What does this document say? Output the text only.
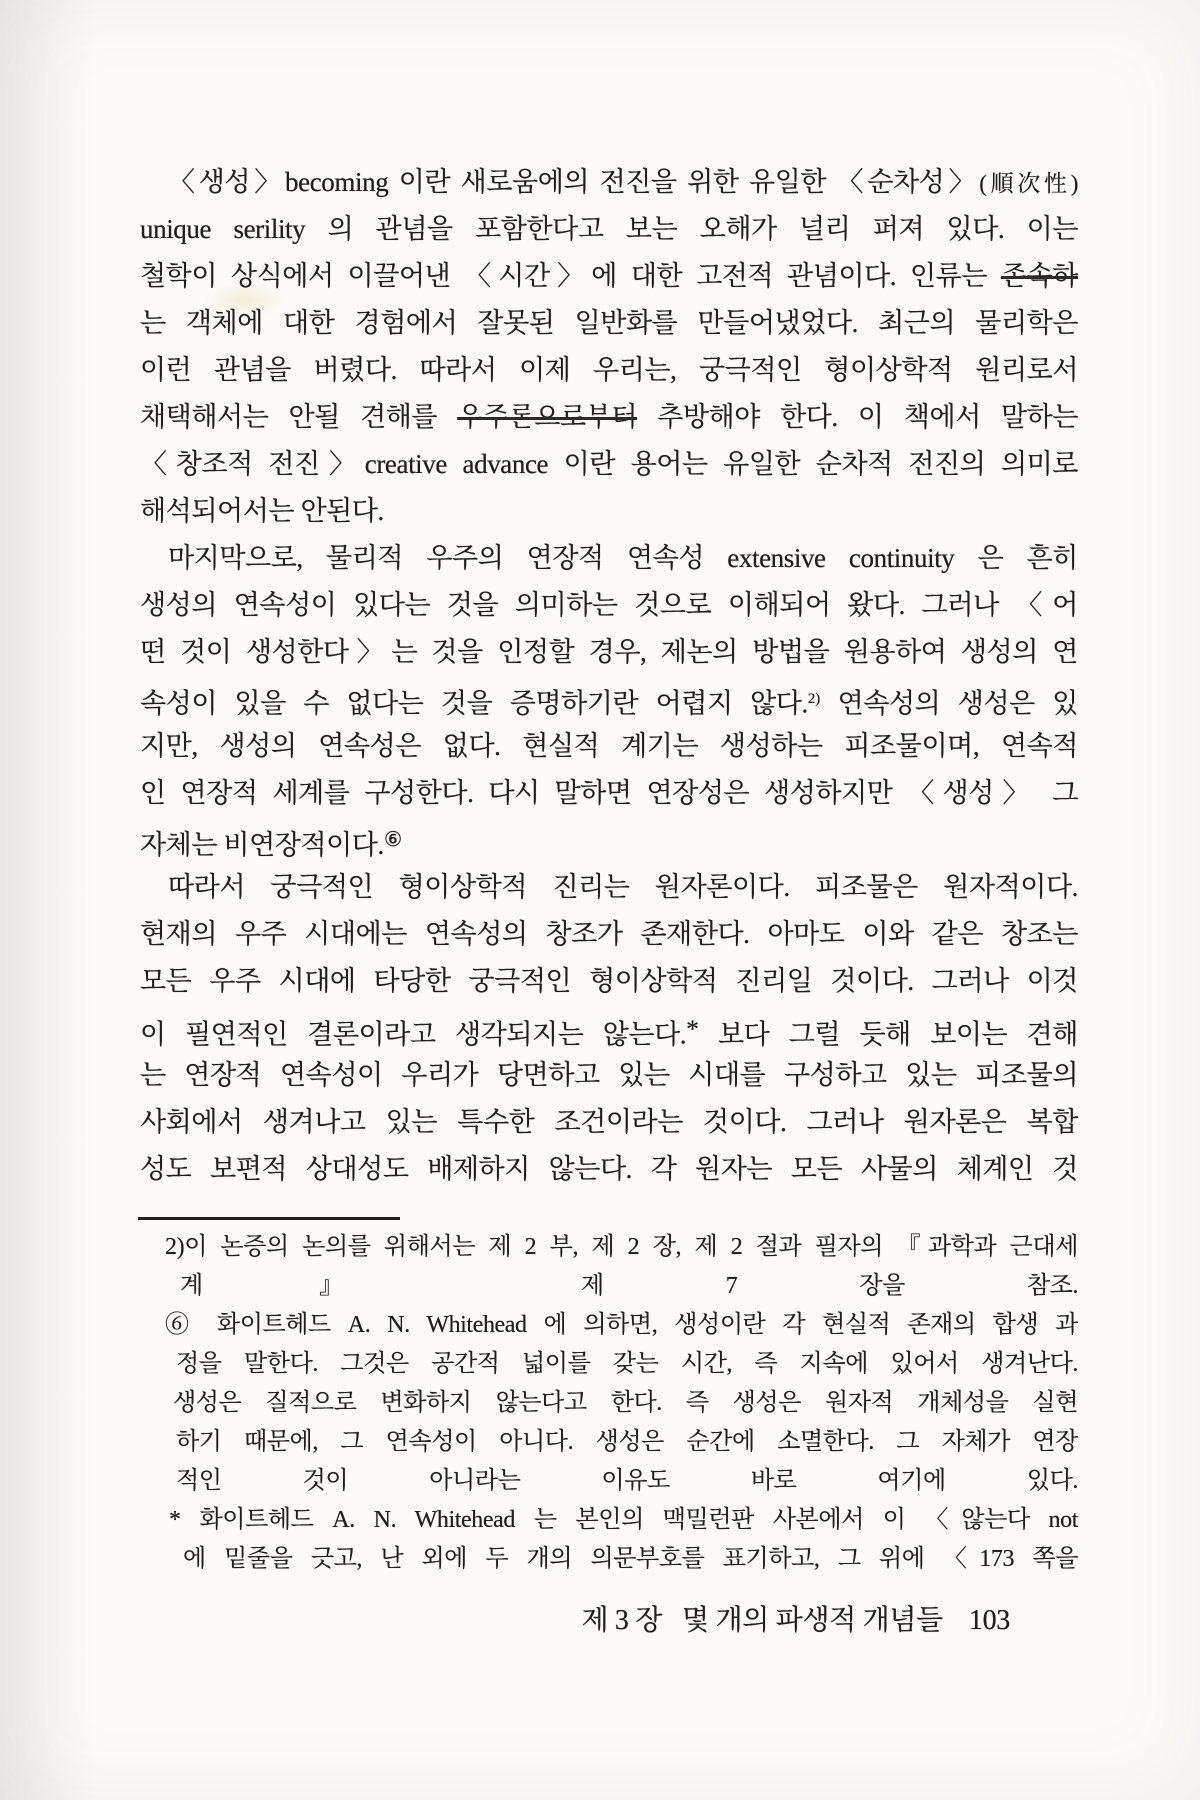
〈생성〉becoming 이란 새로움에의 전진을 위한 유일한 〈순차성〉(順次性)
unique serility 의 관념을 포함한다고 보는 오해가 널리 퍼져 있다. 이는
철학이 상식에서 이끌어낸 〈시간〉에 대한 고전적 관념이다. 인류는 존속하
는 객체에 대한 경험에서 잘못된 일반화를 만들어냈었다. 최근의 물리학은
이런 관념을 버렸다. 따라서 이제 우리는, 궁극적인 형이상학적 원리로서
채택해서는 안될 견해를 우주론으로부터 추방해야 한다. 이 책에서 말하는
〈창조적 전진〉creative advance 이란 용어는 유일한 순차적 전진의 의미로
해석되어서는 안된다.
마지막으로, 물리적 우주의 연장적 연속성 extensive continuity 은 흔히
생성의 연속성이 있다는 것을 의미하는 것으로 이해되어 왔다. 그러나 〈어
떤 것이 생성한다〉는 것을 인정할 경우, 제논의 방법을 원용하여 생성의 연
속성이 있을 수 없다는 것을 증명하기란 어렵지 않다.$^{2)}$ 연속성의 생성은 있
지만, 생성의 연속성은 없다. 현실적 계기는 생성하는 피조물이며, 연속적
인 연장적 세계를 구성한다. 다시 말하면 연장성은 생성하지만 〈생성〉 그
자체는 비연장적이다.⑥
따라서 궁극적인 형이상학적 진리는 원자론이다. 피조물은 원자적이다.
현재의 우주 시대에는 연속성의 창조가 존재한다. 아마도 이와 같은 창조는
모든 우주 시대에 타당한 궁극적인 형이상학적 진리일 것이다. 그러나 이것
이 필연적인 결론이라고 생각되지는 않는다.* 보다 그럴 듯해 보이는 견해
는 연장적 연속성이 우리가 당면하고 있는 시대를 구성하고 있는 피조물의
사회에서 생겨나고 있는 특수한 조건이라는 것이다. 그러나 원자론은 복합
성도 보편적 상대성도 배제하지 않는다. 각 원자는 모든 사물의 체계인 것
2)이 논증의 논의를 위해서는 제 2 부, 제 2 장, 제 2 절과 필자의 『과학과 근대세
계』 제 7 장을 참조.
⑥ 화이트헤드 A. N. Whitehead 에 의하면, 생성이란 각 현실적 존재의 합생 과
정을 말한다. 그것은 공간적 넓이를 갖는 시간, 즉 지속에 있어서 생겨난다.
생성은 질적으로 변화하지 않는다고 한다. 즉 생성은 원자적 개체성을 실현
하기 때문에, 그 연속성이 아니다. 생성은 순간에 소멸한다. 그 자체가 연장
적인 것이 아니라는 이유도 바로 여기에 있다.
* 화이트헤드 A. N. Whitehead 는 본인의 맥밀런판 사본에서 이 〈않는다 not
에 밑줄을 긋고, 난 외에 두 개의 의문부호를 표기하고, 그 위에 〈173 쪽을
제 3 장 몇 개의 파생적 개념들 103
